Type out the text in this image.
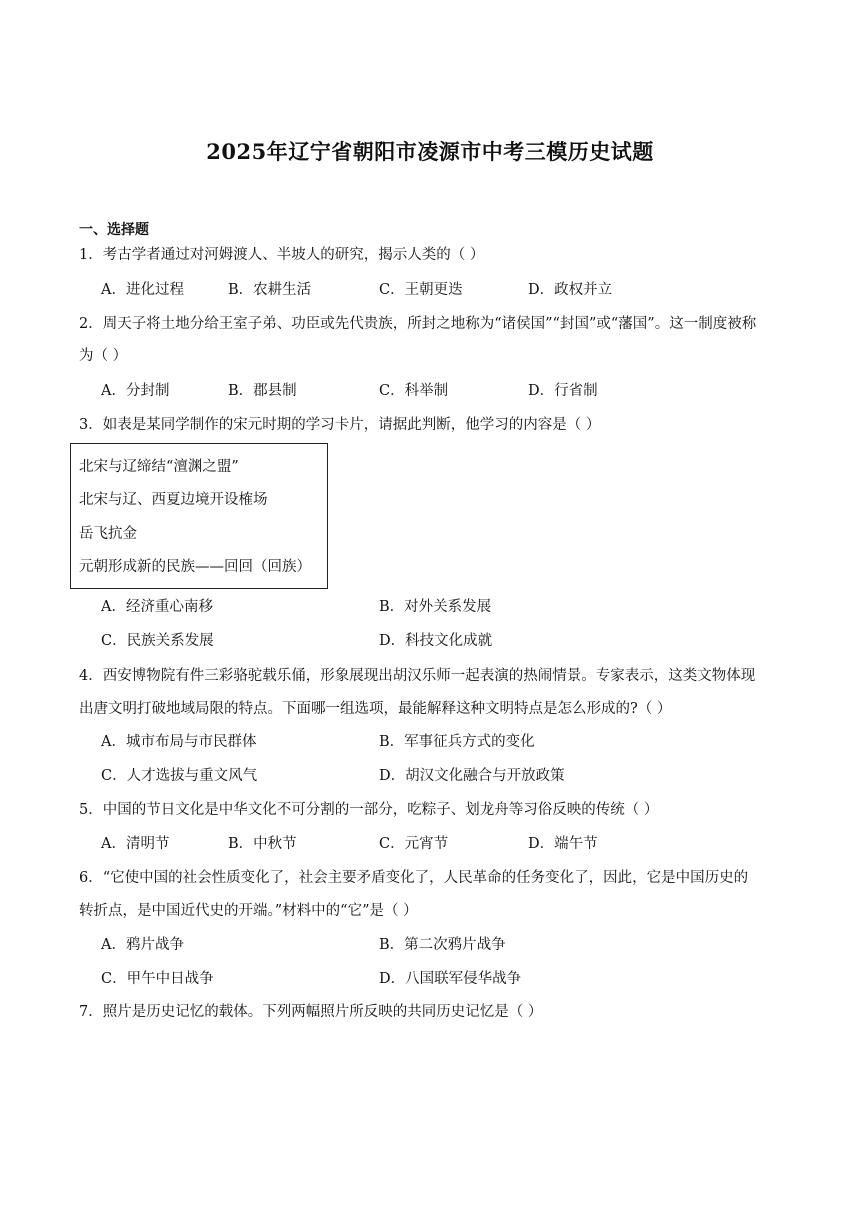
2025年辽宁省朝阳市凌源市中考三模历史试题
一、选择题
1．考古学者通过对河姆渡人、半坡人的研究，揭示人类的（ ）
A．进化过程	B．农耕生活	C．王朝更迭	D．政权并立
2．周天子将土地分给王室子弟、功臣或先代贵族，所封之地称为“诸侯国”“封国”或“藩国”。这一制度被称
为（ ）
A．分封制	B．郡县制	C．科举制	D．行省制
3．如表是某同学制作的宋元时期的学习卡片，请据此判断，他学习的内容是（ ）
北宋与辽缔结“澶渊之盟”
北宋与辽、西夏边境开设榷场
岳飞抗金
元朝形成新的民族——回回（回族）
A．经济重心南移	B．对外关系发展
C．民族关系发展	D．科技文化成就
4．西安博物院有件三彩骆驼载乐俑，形象展现出胡汉乐师一起表演的热闹情景。专家表示，这类文物体现
出唐文明打破地域局限的特点。下面哪一组选项，最能解释这种文明特点是怎么形成的?（ ）
A．城市布局与市民群体	B．军事征兵方式的变化
C．人才选拔与重文风气	D．胡汉文化融合与开放政策
5．中国的节日文化是中华文化不可分割的一部分，吃粽子、划龙舟等习俗反映的传统（ ）
A．清明节	B．中秋节	C．元宵节	D．端午节
6．“它使中国的社会性质变化了，社会主要矛盾变化了，人民革命的任务变化了，因此，它是中国历史的
转折点，是中国近代史的开端。”材料中的“它”是（ ）
A．鸦片战争	B．第二次鸦片战争
C．甲午中日战争	D．八国联军侵华战争
7．照片是历史记忆的载体。下列两幅照片所反映的共同历史记忆是（ ）
